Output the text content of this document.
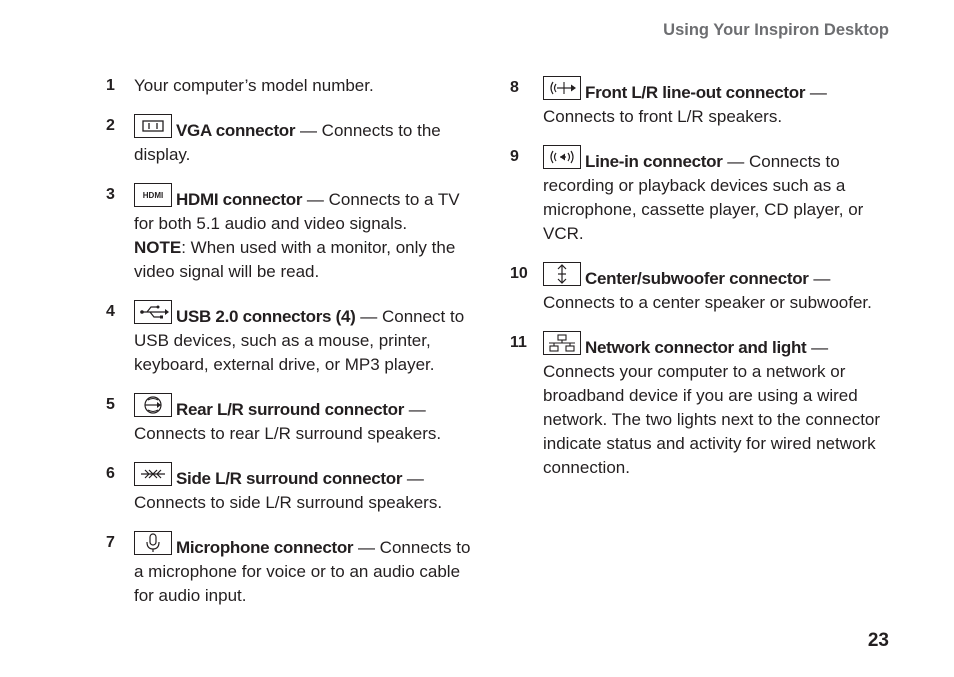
Using Your Inspiron Desktop
1 Your computer’s model number.

2	VGA connector — Connects to the display.

3	HDMI HDMI connector — Connects to a TV for both 5.1 audio and video signals.

NOTE: When used with a monitor, only the video signal will be read.

4	USB 2.0 connectors (4) — Connect to USB devices, such as a mouse, printer, keyboard, external drive, or MP3 player.

5	Rear L/R surround connector — Connects to rear L/R surround speakers.

6	Side L/R surround connector — Connects to side L/R surround speakers.

7	Microphone connector — Connects to a microphone for voice or to an audio cable for audio input.

8	Front L/R line-out connector — Connects to front L/R speakers.

9	Line-in connector — Connects to recording or playback devices such as a microphone, cassette player, CD player, or VCR.

10	Center/subwoofer connector — Connects to a center speaker or subwoofer.

11	Network connector and light — Connects your computer to a network or broadband device if you are using a wired network. The two lights next to the connector indicate status and activity for wired network connection.

23
